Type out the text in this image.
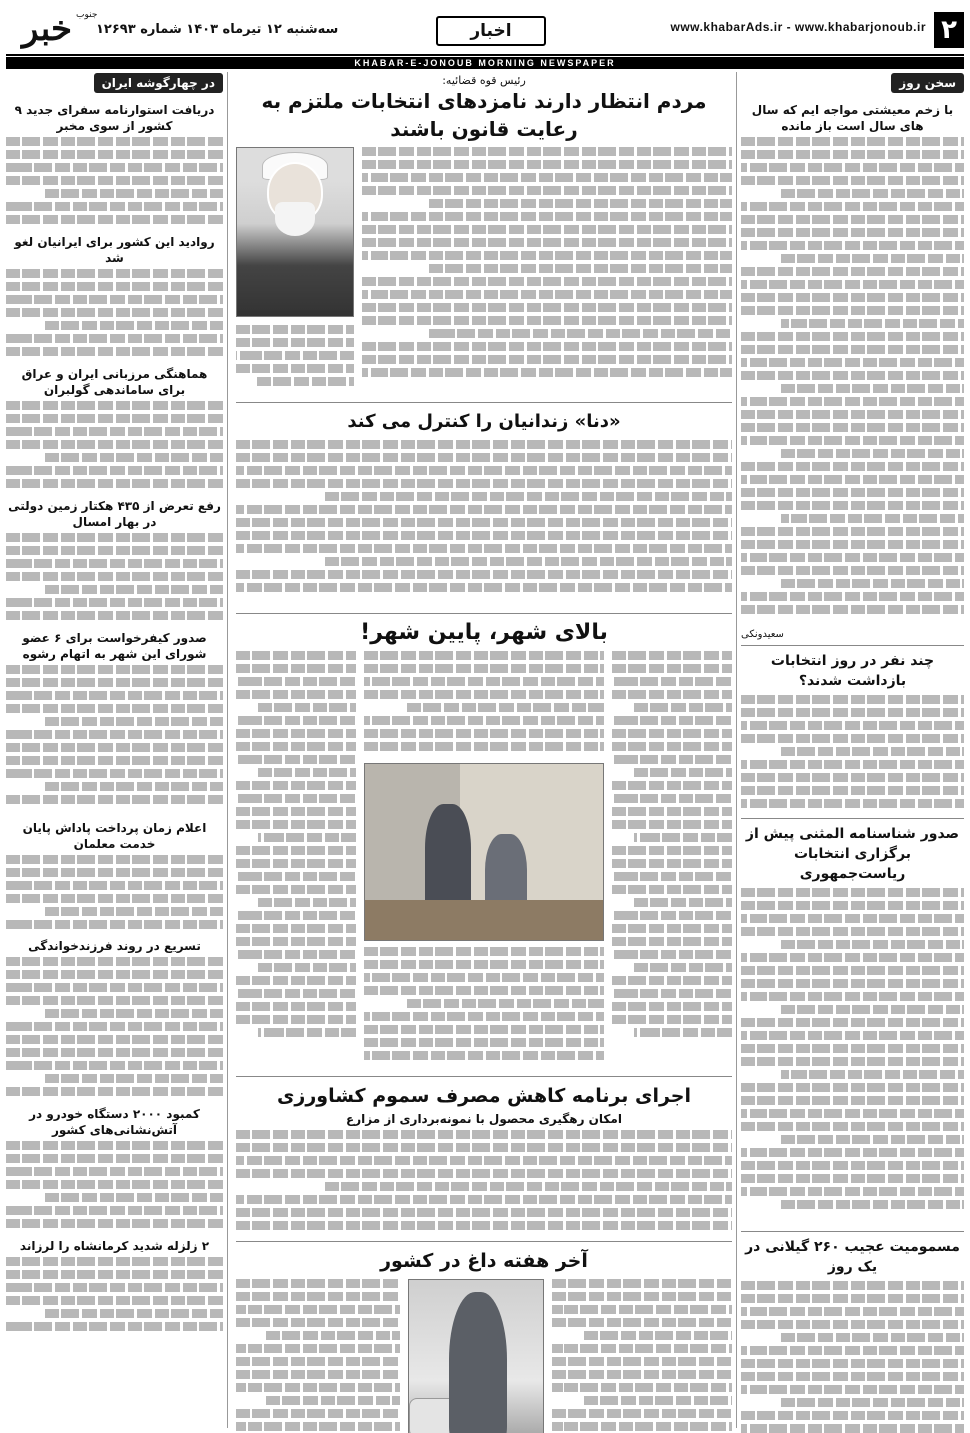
۲
www.khabarAds.ir - www.khabarjonoub.ir
اخبار
سه‌شنبه ۱۲ تیرماه ۱۴۰۳ شماره ۱۲۶۹۳
خبر جنوب
KHABAR-E-JONOUB MORNING NEWSPAPER
سخن روز
با زخم معیشتی مواجه ایم که سال های سال است باز مانده
سعیدونکی
چند نفر در روز انتخابات بازداشت شدند؟
صدور شناسنامه المثنی پیش از برگزاری انتخابات ریاست‌جمهوری
مسمومیت عجیب ۲۶۰ گیلانی در یک روز
رئیس قوه قضائیه:
مردم انتظار دارند نامزدهای انتخابات ملتزم به رعایت قانون باشند
«دنا» زندانیان را کنترل می کند
بالای شهر، پایین شهر!
اجرای برنامه کاهش مصرف سموم کشاورزی
امکان رهگیری محصول با نمونه‌برداری از مزارع
آخر هفته داغ در کشور
در چهارگوشه ایران
دریافت استوارنامه سفرای جدید ۹ کشور از سوی مخبر
روادید این کشور برای ایرانیان لغو شد
هماهنگی مرزبانی ایران و عراق برای ساماندهی گولبران
رفع تعرض از ۴۳۵ هکتار زمین دولتی در بهار امسال
صدور کیفرخواست برای ۶ عضو شورای این شهر به اتهام رشوه
اعلام زمان پرداخت پاداش پایان خدمت معلمان
تسریع در روند فرزندخواندگی
کمبود ۲۰۰۰ دستگاه خودرو در آتش‌نشانی‌های کشور
۲ زلزله شدید کرمانشاه را لرزاند
